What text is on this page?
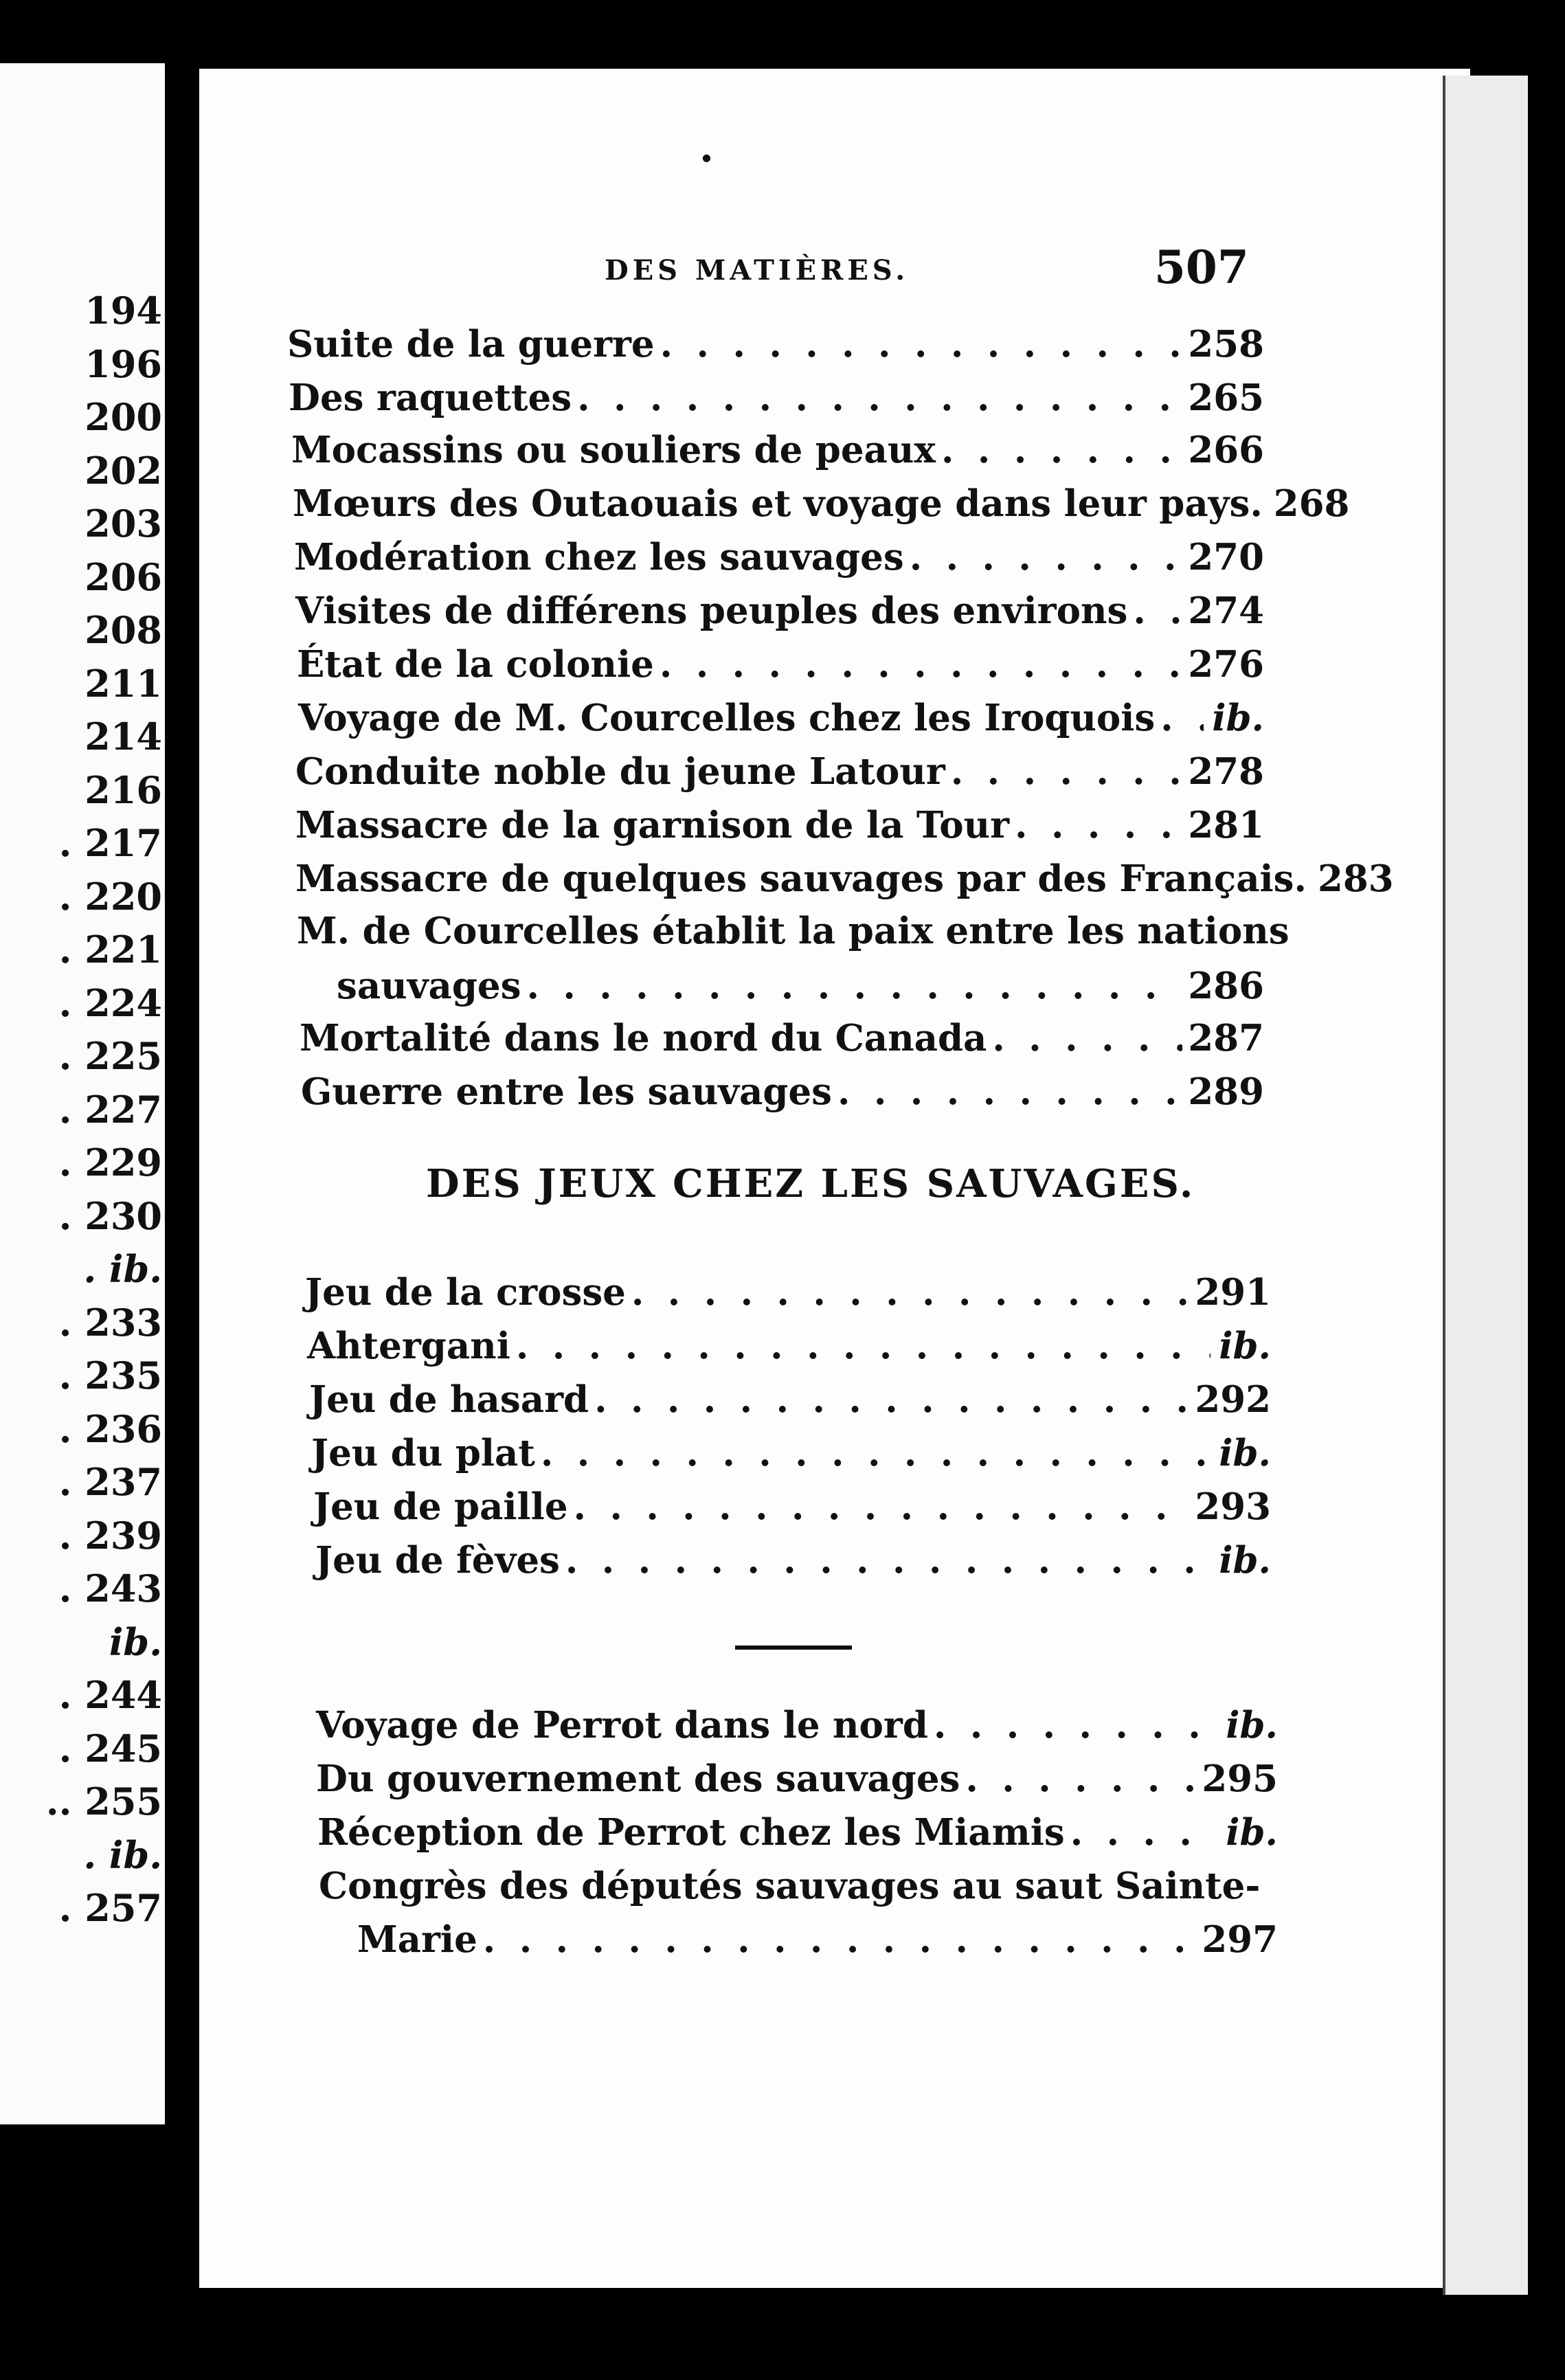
194
196
200
202
203
206
208
211
214
216
. 217
. 220
. 221
. 224
. 225
. 227
. 229
. 230
. ib.
. 233
. 235
. 236
. 237
. 239
. 243
ib.
. 244
. 245
.. 255
. ib.
. 257
.
DES MATIÈRES.	507
Suite de la guerre . . .	258
Des raquettes . . .	265
Mocassins ou souliers de peaux . . .	266
Mœurs des Outaouais et voyage dans leur pays. 268
Modération chez les sauvages . . .	270
Visites de différens peuples des environs . . . 274
État de la colonie . . .	276
Voyage de M. Courcelles chez les Iroquois . . . ib.
Conduite noble du jeune Latour . . .	278
Massacre de la garnison de la Tour . . .	281
Massacre de quelques sauvages par des Français. 283
M. de Courcelles établit la paix entre les nations
sauvages . . .	286
Mortalité dans le nord du Canada . . .	287
Guerre entre les sauvages . . .	289
DES JEUX CHEZ LES SAUVAGES.
Jeu de la crosse . . .	291
Ahtergani . . .	ib.
Jeu de hasard . . .	292
Jeu du plat . . .	ib.
Jeu de paille . . .	293
Jeu de fèves . . .	ib.
Voyage de Perrot dans le nord . . .	ib.
Du gouvernement des sauvages . . .	295
Réception de Perrot chez les Miamis . . .	ib.
Congrès des députés sauvages au saut Sainte-
Marie . . .	297
